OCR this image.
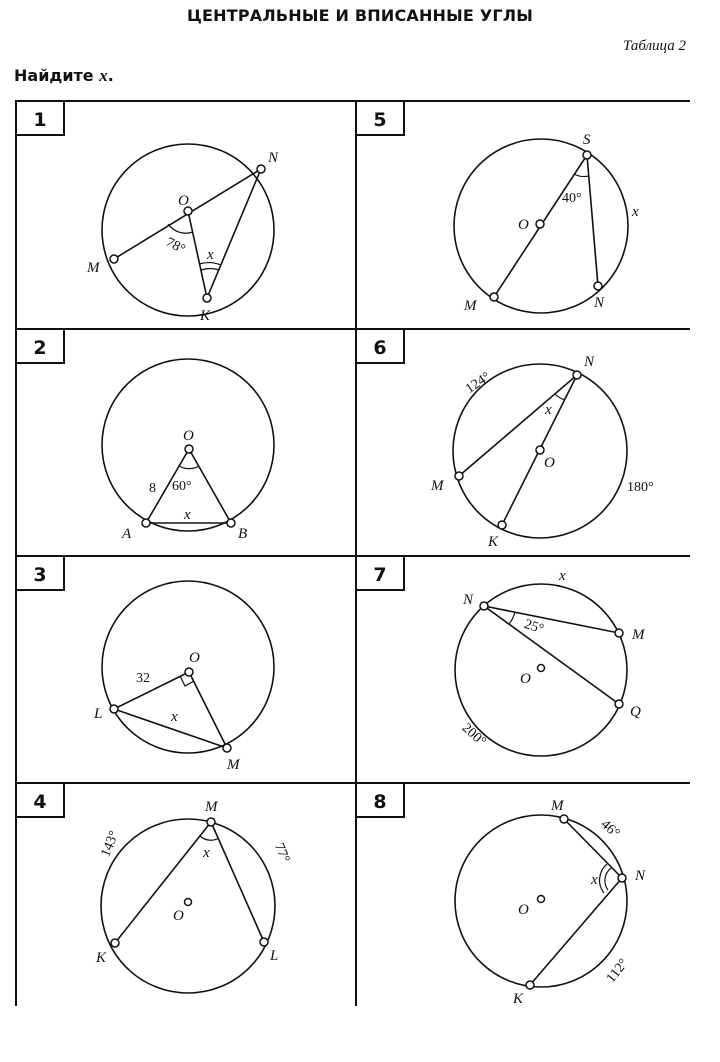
ЦЕНТРАЛЬНЫЕ И ВПИСАННЫЕ УГЛЫ
Таблица 2
Найдите x.
1
2
3
4
5
6
7
8
O
N
M
K
78° x
O
A	B
8 60°
x
O
L
M
32
x
M
O
K	L
143°	77°
x
S
O
M	N
40°
x
N
M
O
Q
25°
200°
x
N
O
M
K
124°
180°
x
M
N
O
K
46°
112°
x
